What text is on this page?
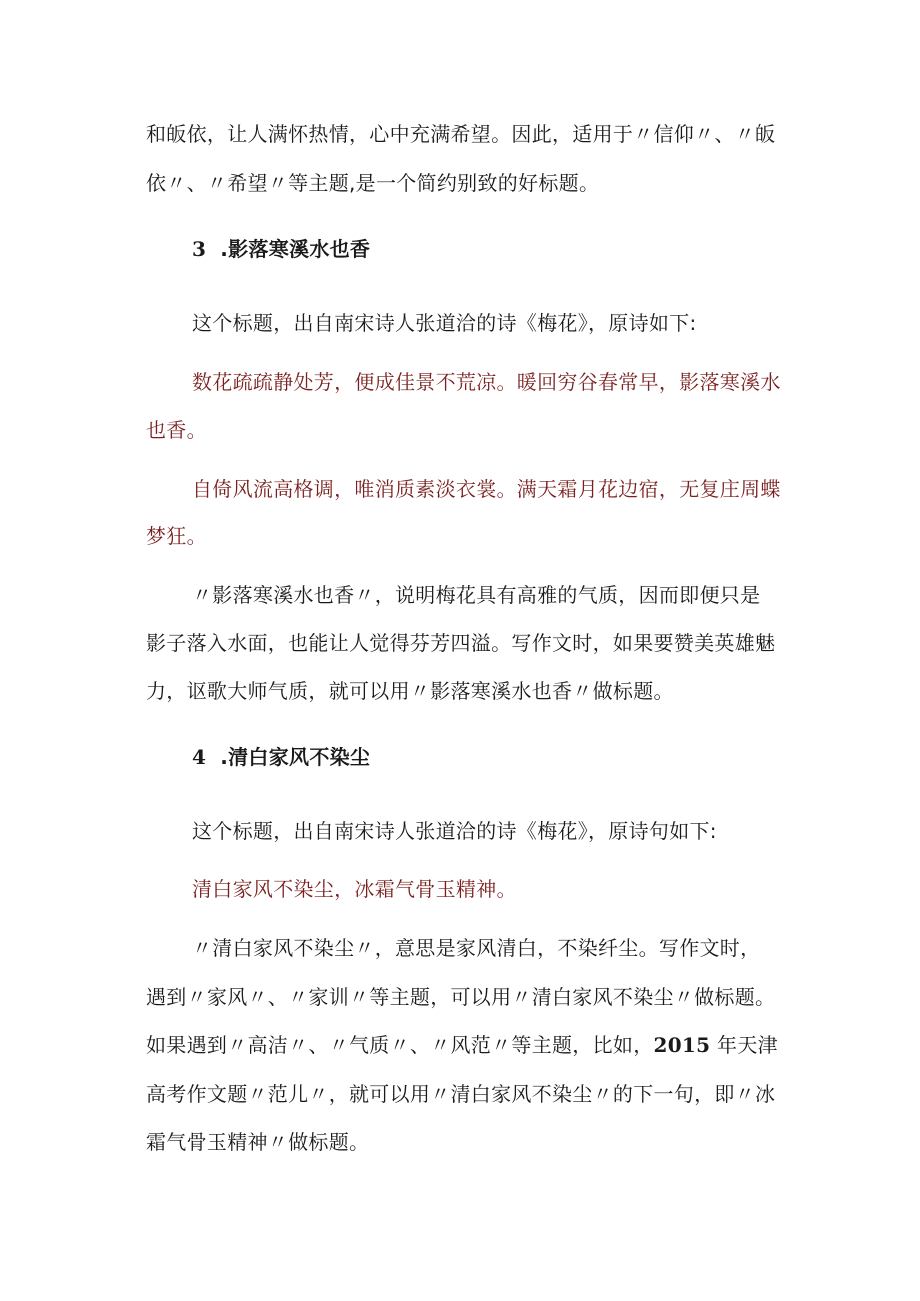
和皈依，让人满怀热情，心中充满希望。因此，适用于〃信仰〃、〃皈
依〃、〃希望〃等主题,是一个简约别致的好标题。
3 .影落寒溪水也香
这个标题，出自南宋诗人张道洽的诗《梅花》，原诗如下:
数花疏疏静处芳，便成佳景不荒凉。暖回穷谷春常早，影落寒溪水
也香。
自倚风流高格调，唯消质素淡衣裳。满天霜月花边宿，无复庄周蝶
梦狂。
〃影落寒溪水也香〃，说明梅花具有高雅的气质，因而即便只是
影子落入水面，也能让人觉得芬芳四溢。写作文时，如果要赞美英雄魅
力，讴歌大师气质，就可以用〃影落寒溪水也香〃做标题。
4 .清白家风不染尘
这个标题，出自南宋诗人张道洽的诗《梅花》，原诗句如下:
清白家风不染尘，冰霜气骨玉精神。
〃清白家风不染尘〃，意思是家风清白，不染纤尘。写作文时，
遇到〃家风〃、〃家训〃等主题，可以用〃清白家风不染尘〃做标题。
如果遇到〃高洁〃、〃气质〃、〃风范〃等主题，比如，2015 年天津
高考作文题〃范儿〃，就可以用〃清白家风不染尘〃的下一句，即〃冰
霜气骨玉精神〃做标题。
